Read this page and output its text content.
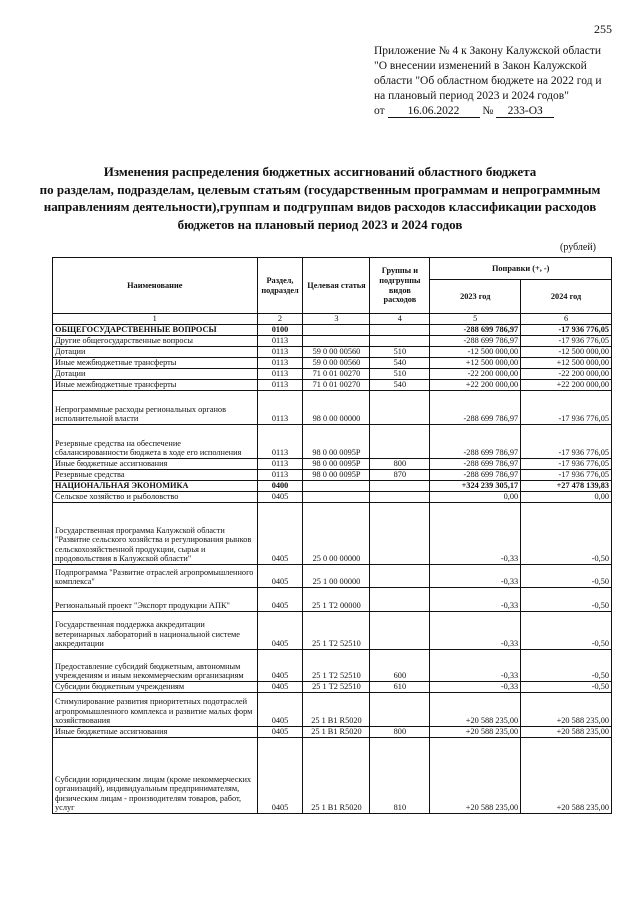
255
Приложение № 4 к Закону Калужской области
"О внесении изменений в Закон Калужской
области "Об областном бюджете на 2022 год и
на плановый период 2023 и 2024 годов"
от 16.06.2022 № 233-ОЗ
Изменения распределения бюджетных ассигнований областного бюджета
по разделам, подразделам, целевым статьям (государственным программам и непрограммным
направлениям деятельности),группам и подгруппам видов расходов классификации расходов
бюджетов на плановый период 2023 и 2024 годов
(рублей)
Наименование	Раздел, подраздел	Целевая статья	Группы и подгруппы видов расходов	Поправки (+, -)	
				2023 год	2024 год
1	2	3	4	5	6
ОБЩЕГОСУДАРСТВЕННЫЕ ВОПРОСЫ	0100			-288 699 786,97	-17 936 776,05
Другие общегосударственные вопросы	0113			-288 699 786,97	-17 936 776,05
Дотации	0113	59 0 00 00560	510	-12 500 000,00	-12 500 000,00
Иные межбюджетные трансферты	0113	59 0 00 00560	540	+12 500 000,00	+12 500 000,00
Дотации	0113	71 0 01 00270	510	-22 200 000,00	-22 200 000,00
Иные межбюджетные трансферты	0113	71 0 01 00270	540	+22 200 000,00	+22 200 000,00
Непрограммные расходы региональных органов исполнительной власти	0113	98 0 00 00000		-288 699 786,97	-17 936 776,05
Резервные средства на обеспечение сбалансированности бюджета в ходе его исполнения	0113	98 0 00 0095Р		-288 699 786,97	-17 936 776,05
Иные бюджетные ассигнования	0113	98 0 00 0095Р	800	-288 699 786,97	-17 936 776,05
Резервные средства	0113	98 0 00 0095Р	870	-288 699 786,97	-17 936 776,05
НАЦИОНАЛЬНАЯ ЭКОНОМИКА	0400			+324 239 305,17	+27 478 139,83
Сельское хозяйство и рыболовство	0405			0,00	0,00
Государственная программа Калужской области "Развитие сельского хозяйства и регулирования рынков сельскохозяйственной продукции, сырья и продовольствия в Калужской области"	0405	25 0 00 00000		-0,33	-0,50
Подпрограмма "Развитие отраслей агропромышленного комплекса"	0405	25 1 00 00000		-0,33	-0,50
Региональный проект "Экспорт продукции АПК"	0405	25 1 Т2 00000		-0,33	-0,50
Государственная поддержка аккредитации ветеринарных лабораторий в национальной системе аккредитации	0405	25 1 Т2 52510		-0,33	-0,50
Предоставление субсидий бюджетным, автономным учреждениям и иным некоммерческим организациям	0405	25 1 Т2 52510	600	-0,33	-0,50
Субсидии бюджетным учреждениям	0405	25 1 Т2 52510	610	-0,33	-0,50
Стимулирование развития приоритетных подотраслей агропромышленного комплекса и развитие малых форм хозяйствования	0405	25 1 В1 R5020		+20 588 235,00	+20 588 235,00
Иные бюджетные ассигнования	0405	25 1 В1 R5020	800	+20 588 235,00	+20 588 235,00
Субсидии юридическим лицам (кроме некоммерческих организаций), индивидуальным предпринимателям, физическим лицам - производителям товаров, работ, услуг	0405	25 1 В1 R5020	810	+20 588 235,00	+20 588 235,00
